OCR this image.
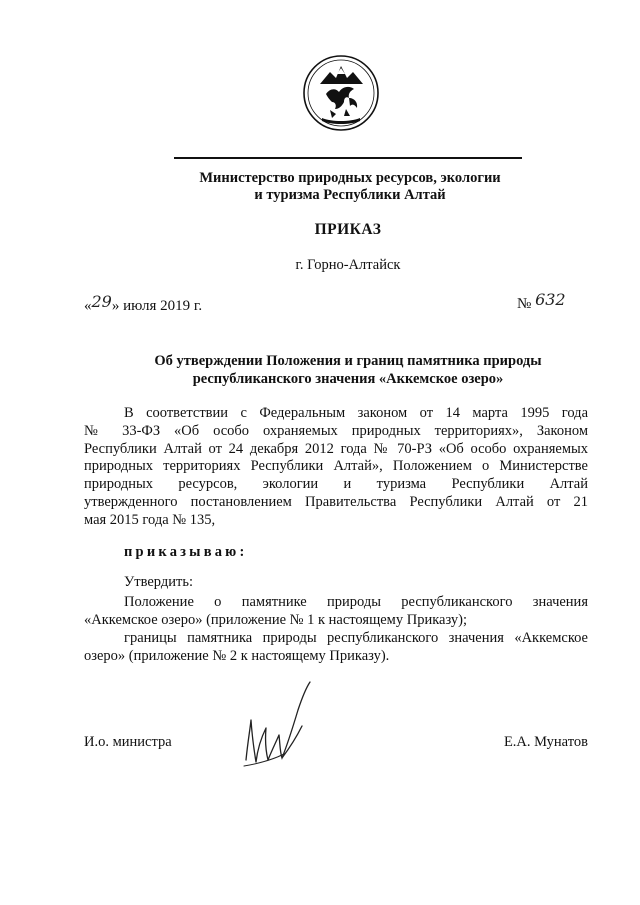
Министерство природных ресурсов, экологии
и туризма Республики Алтай
ПРИКАЗ
г. Горно-Алтайск
«29» июля 2019 г.	№ 632
Об утверждении Положения и границ памятника природы
республиканского значения «Аккемское озеро»
В соответствии с Федеральным законом от 14 марта 1995 года
№ 33-ФЗ «Об особо охраняемых природных территориях», Законом
Республики Алтай от 24 декабря 2012 года № 70-РЗ «Об особо охраняемых
природных территориях Республики Алтай», Положением о Министерстве
природных ресурсов, экологии и туризма Республики Алтай
утвержденного постановлением Правительства Республики Алтай от 21
мая 2015 года № 135,
приказываю:
Утвердить:
Положение о памятнике природы республиканского значения
«Аккемское озеро» (приложение № 1 к настоящему Приказу);
границы памятника природы республиканского значения «Аккемское
озеро» (приложение № 2 к настоящему Приказу).
И.о. министра	Е.А. Мунатов
